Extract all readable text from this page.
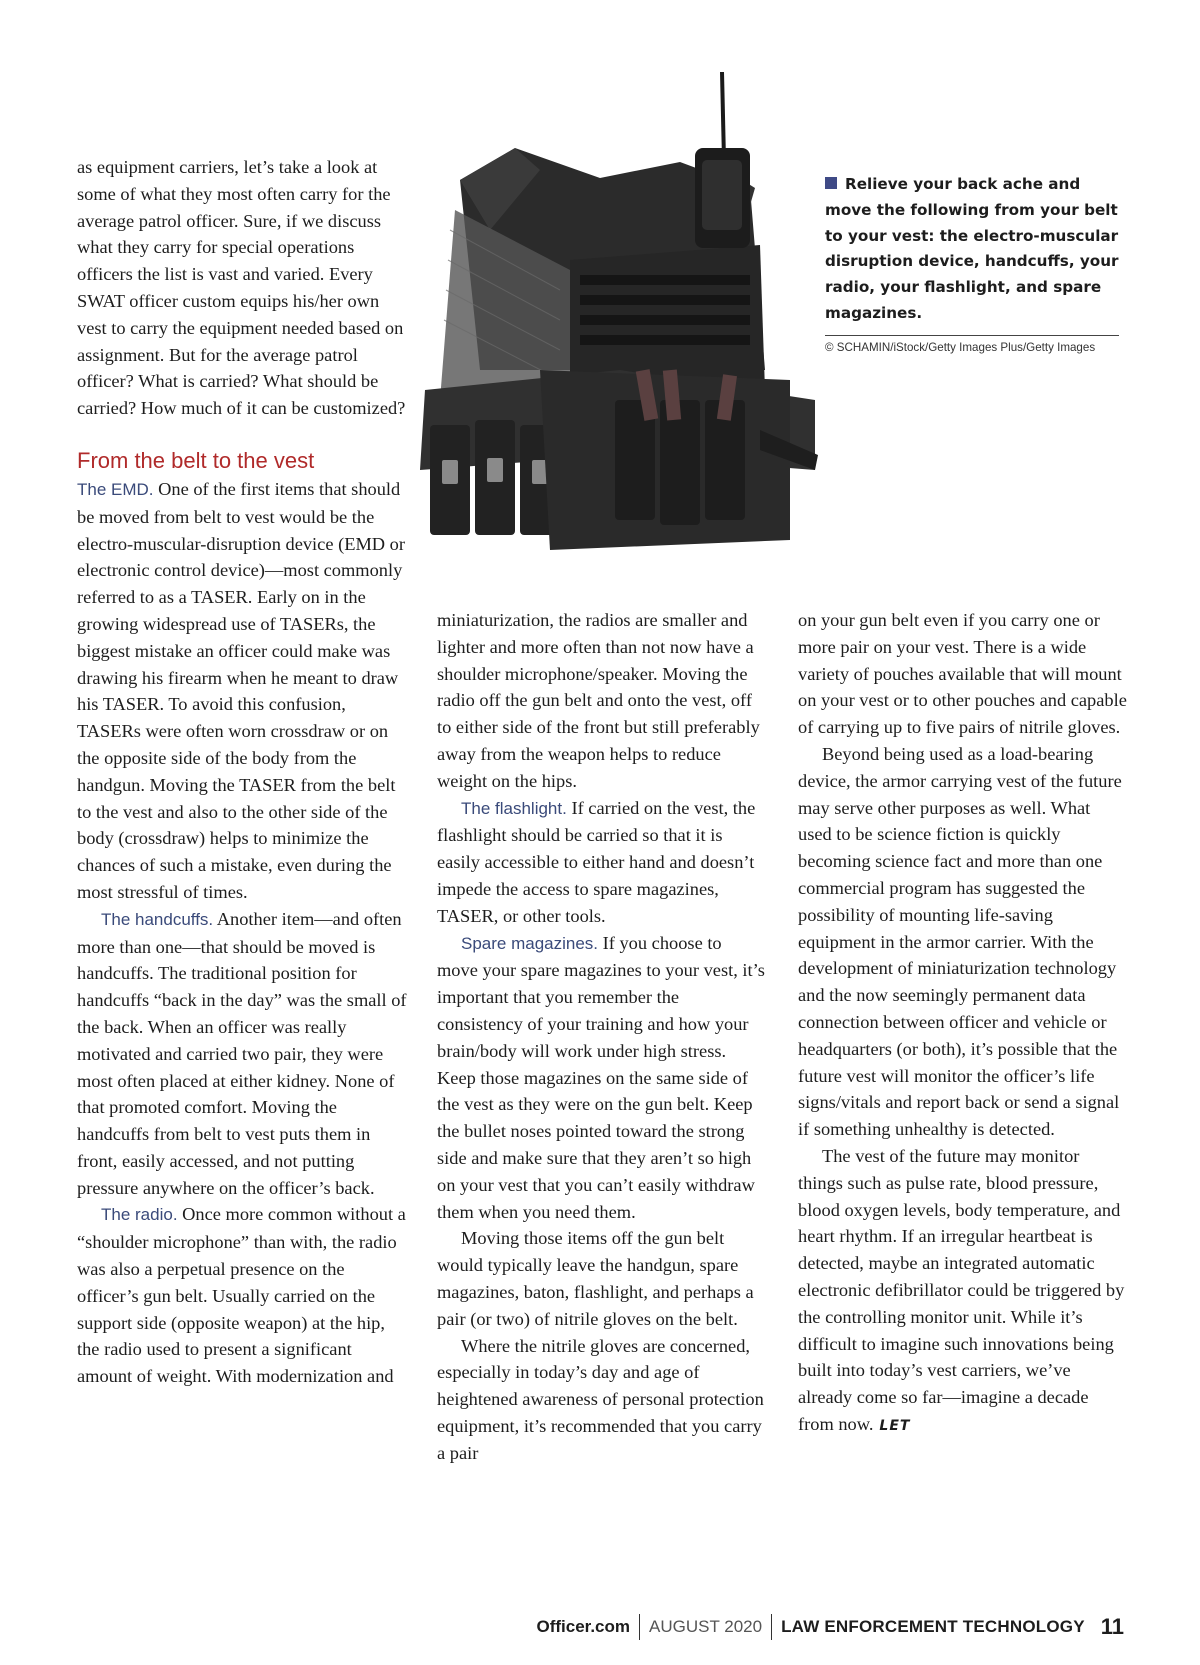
as equipment carriers, let’s take a look at some of what they most often carry for the average patrol officer. Sure, if we discuss what they carry for special operations officers the list is vast and varied. Every SWAT officer custom equips his/her own vest to carry the equipment needed based on assignment. But for the average patrol officer? What is carried? What should be carried? How much of it can be customized?

From the belt to the vest

The EMD. One of the first items that should be moved from belt to vest would be the electro-muscular-disruption device (EMD or electronic control device)—most commonly referred to as a TASER. Early on in the growing widespread use of TASERs, the biggest mistake an officer could make was drawing his firearm when he meant to draw his TASER. To avoid this confusion, TASERs were often worn crossdraw or on the opposite side of the body from the handgun. Moving the TASER from the belt to the vest and also to the other side of the body (crossdraw) helps to minimize the chances of such a mistake, even during the most stressful of times.

The handcuffs. Another item—and often more than one—that should be moved is handcuffs. The traditional position for handcuffs “back in the day” was the small of the back. When an officer was really motivated and carried two pair, they were most often placed at either kidney. None of that promoted comfort. Moving the handcuffs from belt to vest puts them in front, easily accessed, and not putting pressure anywhere on the officer’s back.

The radio. Once more common without a “shoulder microphone” than with, the radio was also a perpetual presence on the officer’s gun belt. Usually carried on the support side (opposite weapon) at the hip, the radio used to present a significant amount of weight. With modernization and

Relieve your back ache and move the following from your belt to your vest: the electro-muscular disruption device, handcuffs, your radio, your flashlight, and spare magazines.
© SCHAMIN/iStock/Getty Images Plus/Getty Images

miniaturization, the radios are smaller and lighter and more often than not now have a shoulder microphone/speaker. Moving the radio off the gun belt and onto the vest, off to either side of the front but still preferably away from the weapon helps to reduce weight on the hips.

The flashlight. If carried on the vest, the flashlight should be carried so that it is easily accessible to either hand and doesn’t impede the access to spare magazines, TASER, or other tools.

Spare magazines. If you choose to move your spare magazines to your vest, it’s important that you remember the consistency of your training and how your brain/body will work under high stress. Keep those magazines on the same side of the vest as they were on the gun belt. Keep the bullet noses pointed toward the strong side and make sure that they aren’t so high on your vest that you can’t easily withdraw them when you need them.

Moving those items off the gun belt would typically leave the handgun, spare magazines, baton, flashlight, and perhaps a pair (or two) of nitrile gloves on the belt.

Where the nitrile gloves are concerned, especially in today’s day and age of heightened awareness of personal protection equipment, it’s recommended that you carry a pair

on your gun belt even if you carry one or more pair on your vest. There is a wide variety of pouches available that will mount on your vest or to other pouches and capable of carrying up to five pairs of nitrile gloves.

Beyond being used as a load-bearing device, the armor carrying vest of the future may serve other purposes as well. What used to be science fiction is quickly becoming science fact and more than one commercial program has suggested the possibility of mounting life-saving equipment in the armor carrier. With the development of miniaturization technology and the now seemingly permanent data connection between officer and vehicle or headquarters (or both), it’s possible that the future vest will monitor the officer’s life signs/vitals and report back or send a signal if something unhealthy is detected.

The vest of the future may monitor things such as pulse rate, blood pressure, blood oxygen levels, body temperature, and heart rhythm. If an irregular heartbeat is detected, maybe an integrated automatic electronic defibrillator could be triggered by the controlling monitor unit. While it’s difficult to imagine such innovations being built into today’s vest carriers, we’ve already come so far—imagine a decade from now. LET

Officer.com AUGUST 2020 LAW ENFORCEMENT TECHNOLOGY 11
